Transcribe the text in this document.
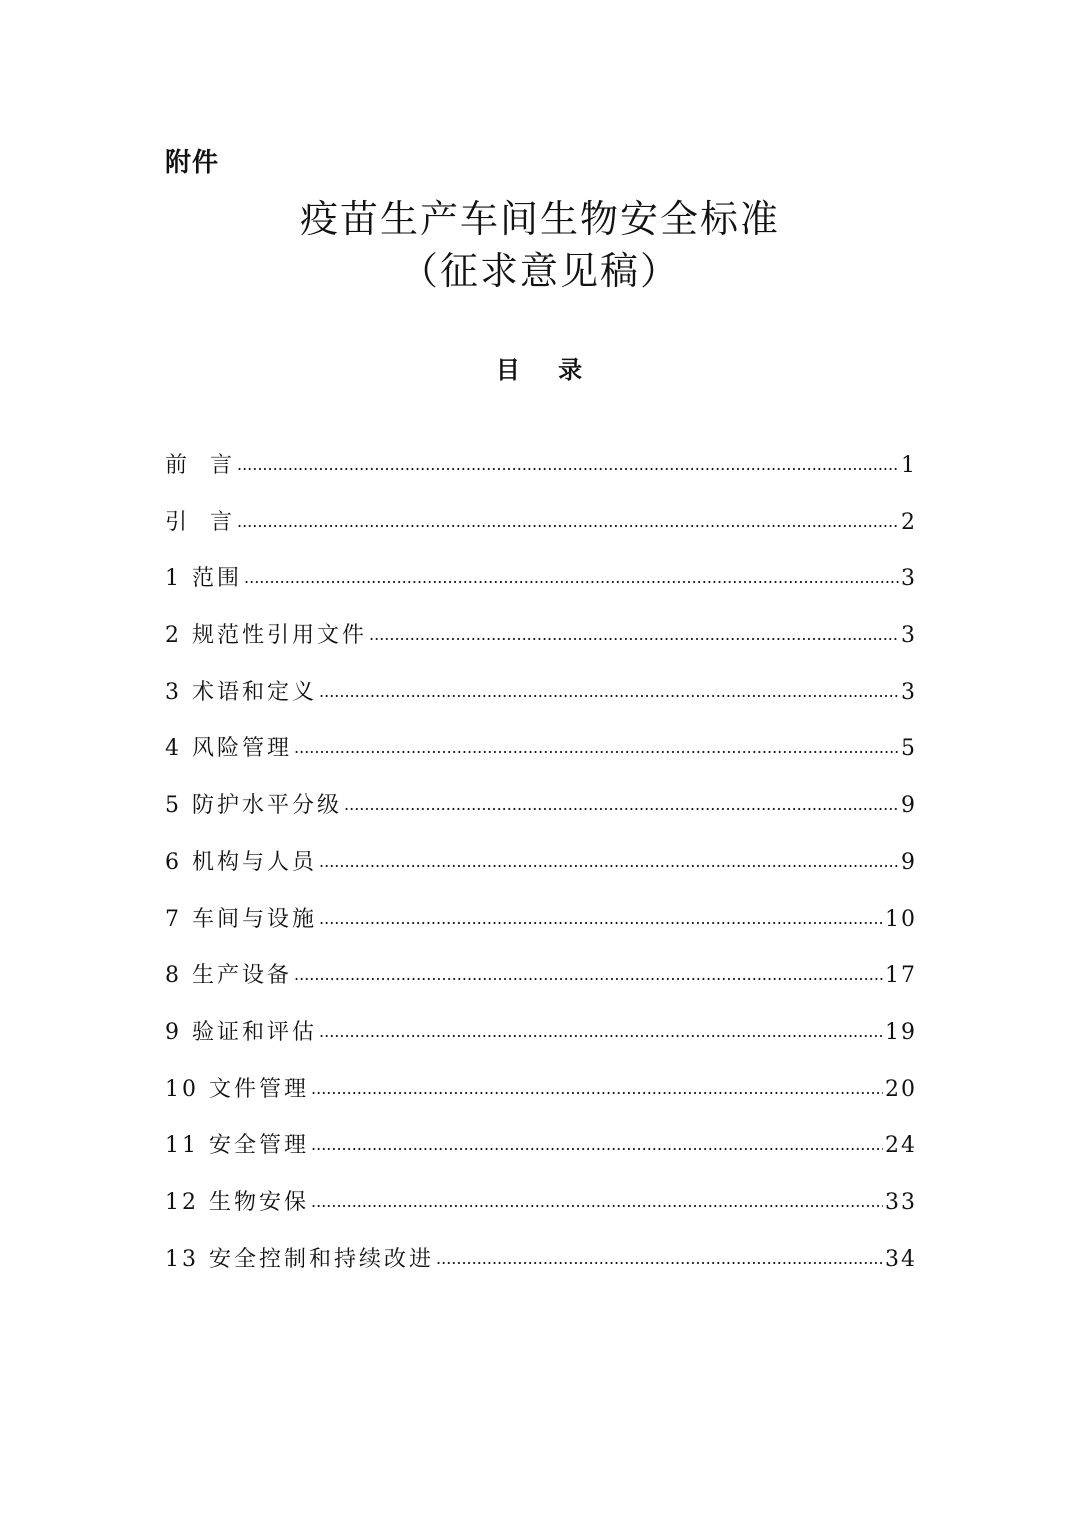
附件
疫苗生产车间生物安全标准
（征求意见稿）
目 录
前  言 .....	1
引  言 .....	2
1 范围 .....	3
2 规范性引用文件 .....	3
3 术语和定义 .....	3
4 风险管理 .....	5
5 防护水平分级 .....	9
6 机构与人员 .....	9
7 车间与设施 .....	10
8 生产设备 .....	17
9 验证和评估 .....	19
10 文件管理 .....	20
11 安全管理 .....	24
12 生物安保 .....	33
13 安全控制和持续改进 .....	34
